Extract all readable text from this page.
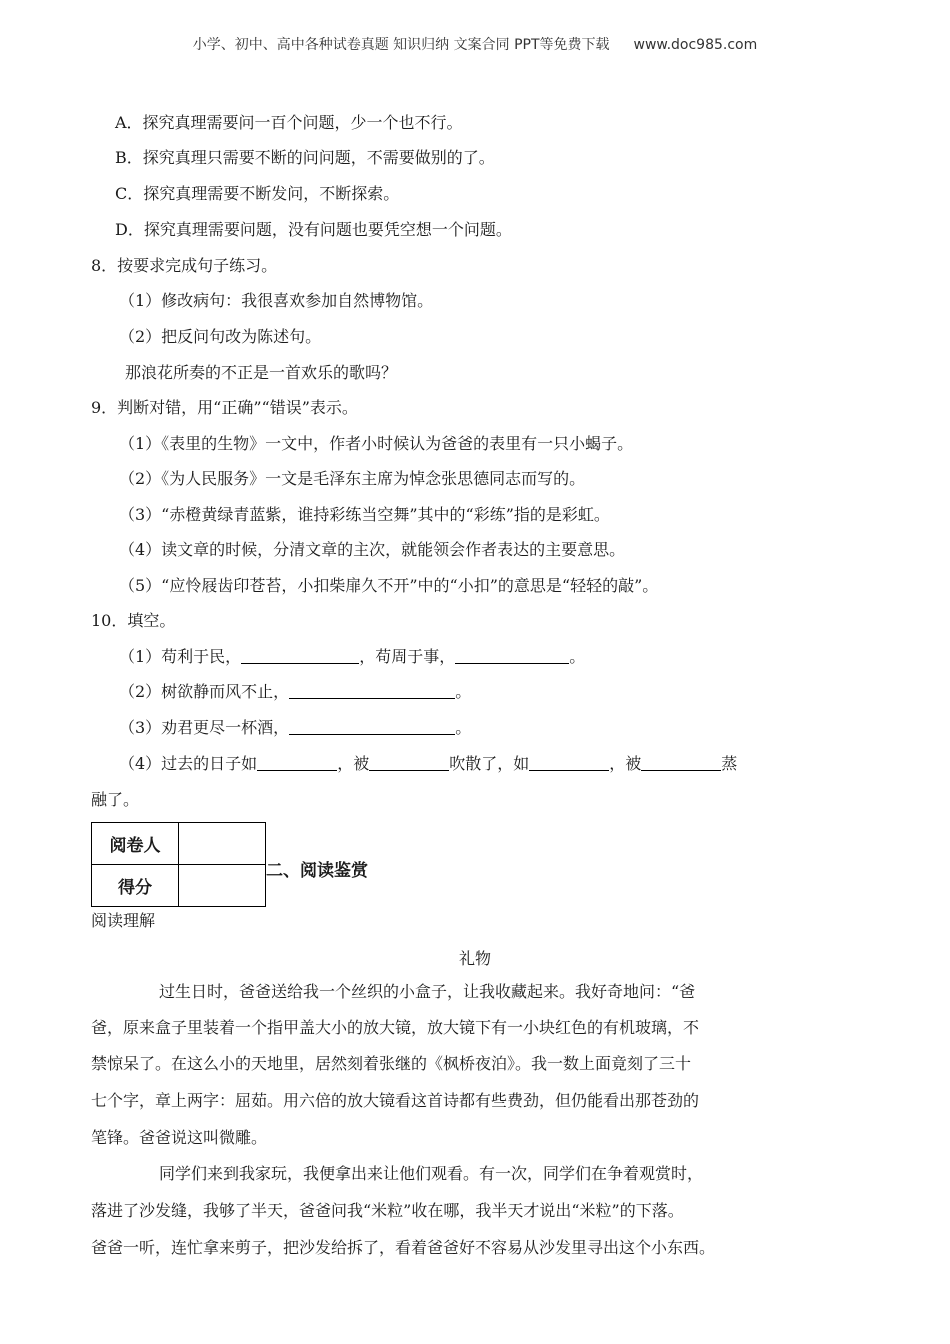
小学、初中、高中各种试卷真题 知识归纳 文案合同 PPT等免费下载 www.doc985.com
A．探究真理需要问一百个问题，少一个也不行。
B．探究真理只需要不断的问问题，不需要做别的了。
C．探究真理需要不断发问，不断探索。
D．探究真理需要问题，没有问题也要凭空想一个问题。
8．按要求完成句子练习。
（1）修改病句：我很喜欢参加自然博物馆。
（2）把反问句改为陈述句。
那浪花所奏的不正是一首欢乐的歌吗？
9．判断对错，用“正确”“错误”表示。
（1）《表里的生物》一文中，作者小时候认为爸爸的表里有一只小蝎子。
（2）《为人民服务》一文是毛泽东主席为悼念张思德同志而写的。
（3）“赤橙黄绿青蓝紫，谁持彩练当空舞”其中的“彩练”指的是彩虹。
（4）读文章的时候，分清文章的主次，就能领会作者表达的主要意思。
（5）“应怜屐齿印苍苔，小扣柴扉久不开”中的“小扣”的意思是“轻轻的敲”。
10．填空。
（1）苟利于民，	，苟周于事，	。
（2）树欲静而风不止，	。
（3）劝君更尽一杯酒，	。
（4）过去的日子如	，被	吹散了，如	，被	蒸
融了。
阅卷人	
得分	
二、阅读鉴赏
阅读理解
礼物
过生日时，爸爸送给我一个丝织的小盒子，让我收藏起来。我好奇地问：“爸
爸，原来盒子里装着一个指甲盖大小的放大镜，放大镜下有一小块红色的有机玻璃，不
禁惊呆了。在这么小的天地里，居然刻着张继的《枫桥夜泊》。我一数上面竟刻了三十
七个字，章上两字：屈茹。用六倍的放大镜看这首诗都有些费劲，但仍能看出那苍劲的
笔锋。爸爸说这叫微雕。
同学们来到我家玩，我便拿出来让他们观看。有一次，同学们在争着观赏时，
落进了沙发缝，我够了半天，爸爸问我“米粒”收在哪，我半天才说出“米粒”的下落。
爸爸一听，连忙拿来剪子，把沙发给拆了，看着爸爸好不容易从沙发里寻出这个小东西。
